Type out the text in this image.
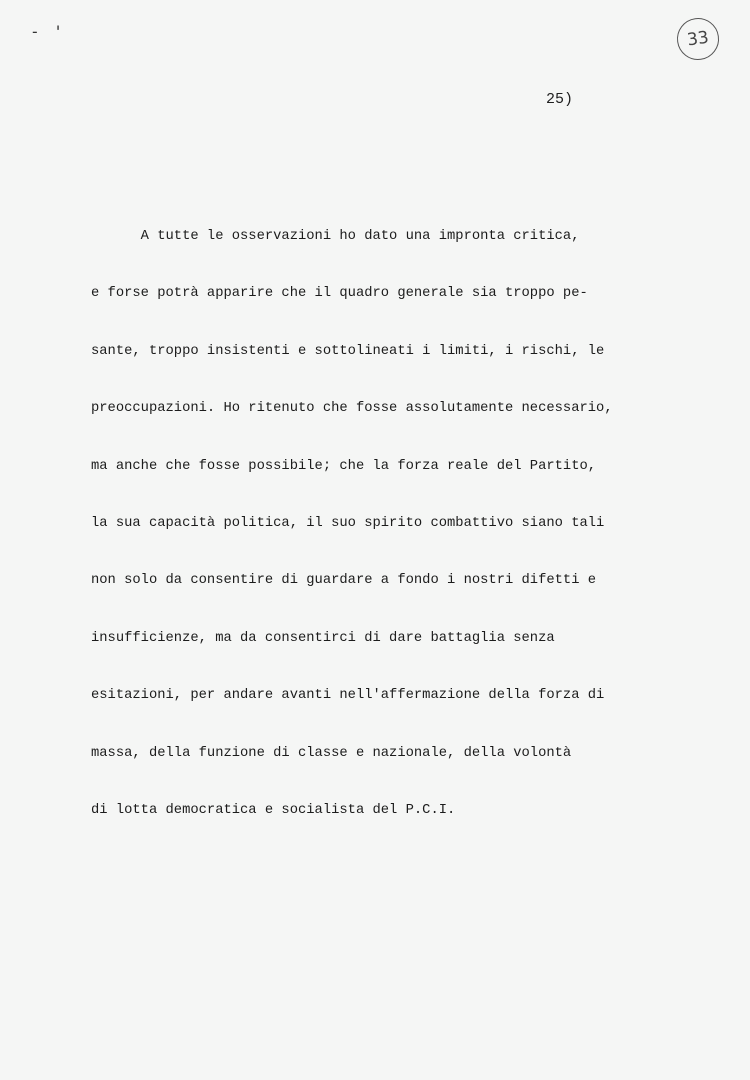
- '	33
25)

A tutte le osservazioni ho dato una impronta critica,

e forse potrà apparire che il quadro generale sia troppo pe-

sante, troppo insistenti e sottolineati i limiti, i rischi, le

preoccupazioni. Ho ritenuto che fosse assolutamente necessario,

ma anche che fosse possibile; che la forza reale del Partito,

la sua capacità politica, il suo spirito combattivo siano tali

non solo da consentire di guardare a fondo i nostri difetti e

insufficienze, ma da consentirci di dare battaglia senza

esitazioni, per andare avanti nell'affermazione della forza di

massa, della funzione di classe e nazionale, della volontà

di lotta democratica e socialista del P.C.I.
